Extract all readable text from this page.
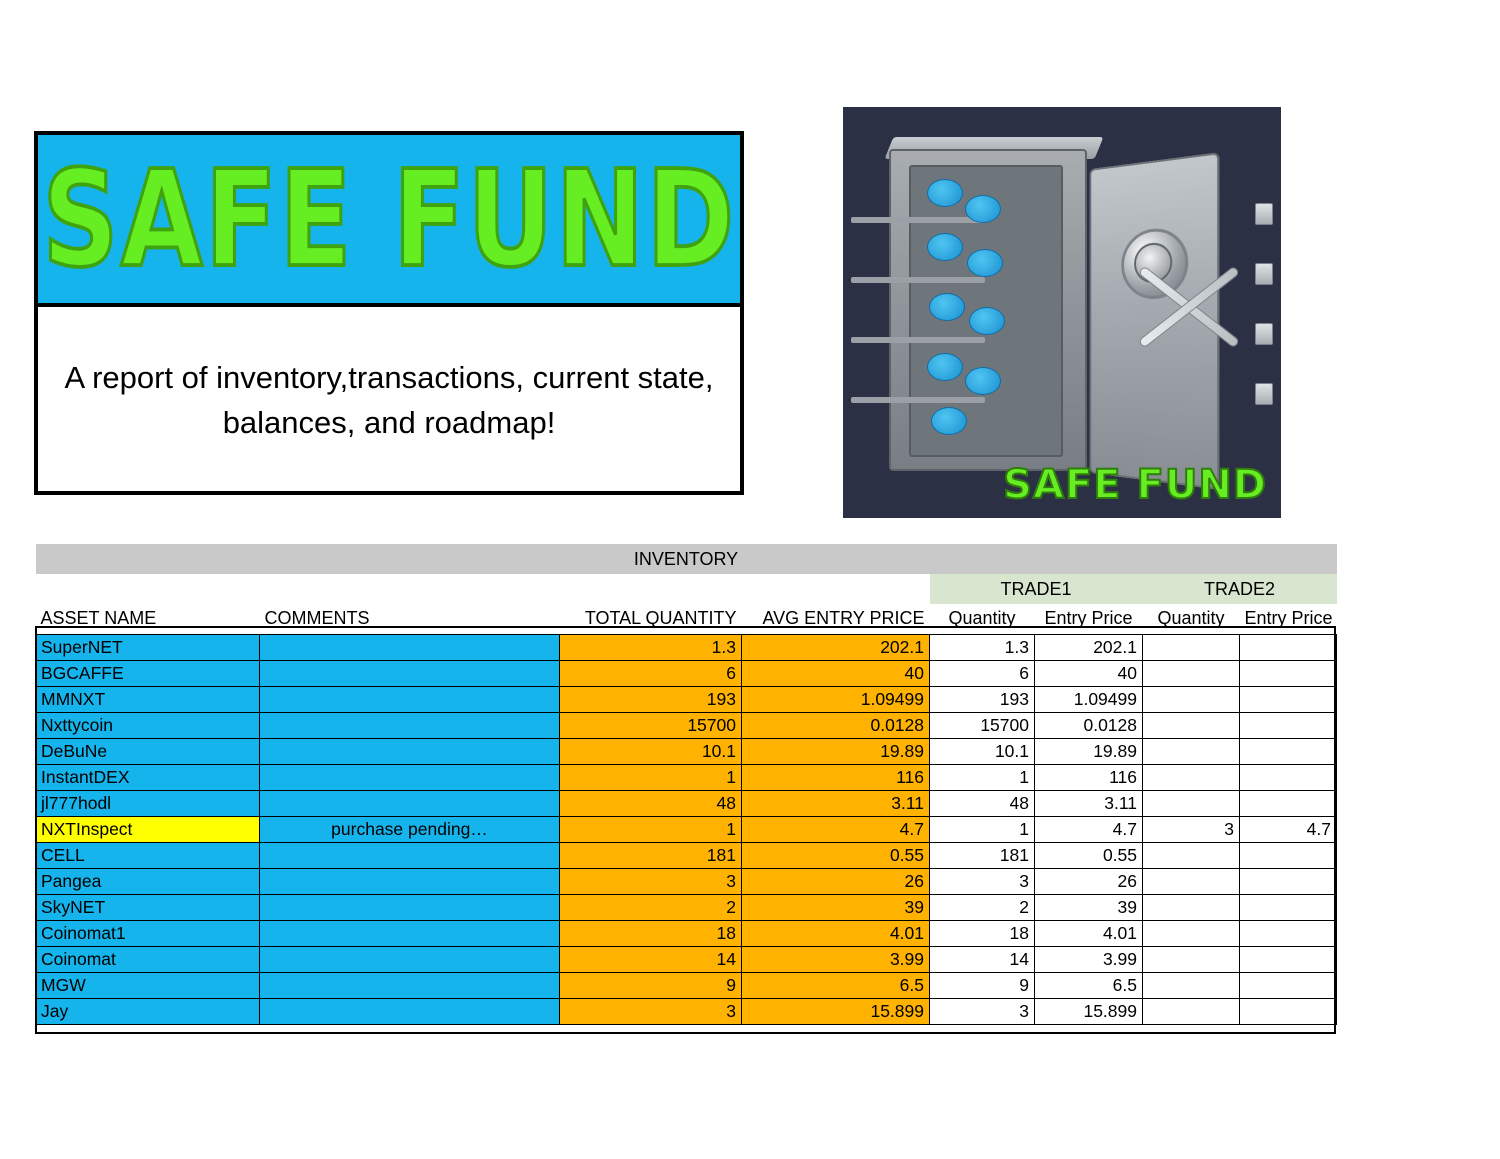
SAFE FUND
A report of inventory,transactions, current state, balances, and roadmap!
SAFE FUND
INVENTORY							
				TRADE1		TRADE2	
ASSET NAME	COMMENTS	TOTAL QUANTITY	AVG ENTRY PRICE	Quantity	Entry Price	Quantity	Entry Price
SuperNET		1.3	202.1	1.3	202.1		
BGCAFFE		6	40	6	40		
MMNXT		193	1.09499	193	1.09499		
Nxttycoin		15700	0.0128	15700	0.0128		
DeBuNe		10.1	19.89	10.1	19.89		
InstantDEX		1	116	1	116		
jl777hodl		48	3.11	48	3.11		
NXTInspect	purchase pending…	1	4.7	1	4.7	3	4.7
CELL		181	0.55	181	0.55		
Pangea		3	26	3	26		
SkyNET		2	39	2	39		
Coinomat1		18	4.01	18	4.01		
Coinomat		14	3.99	14	3.99		
MGW		9	6.5	9	6.5		
Jay		3	15.899	3	15.899		
